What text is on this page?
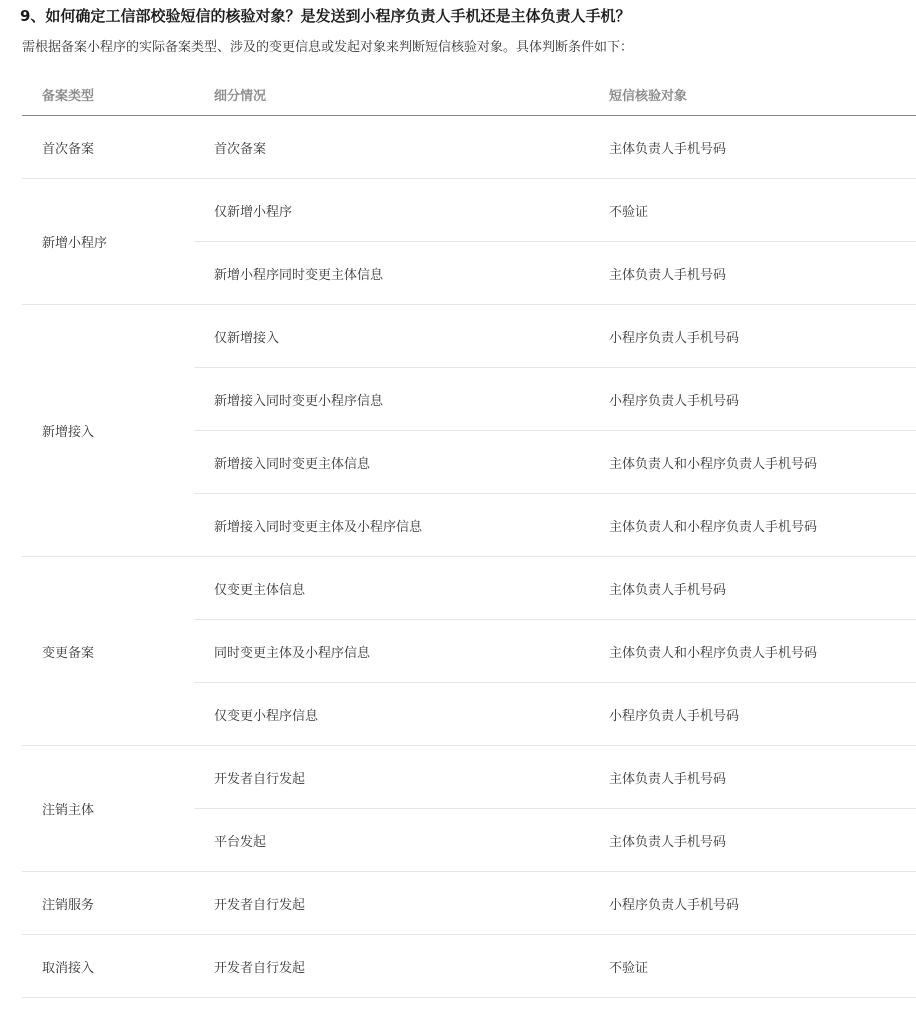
9、如何确定工信部校验短信的核验对象？是发送到小程序负责人手机还是主体负责人手机？
需根据备案小程序的实际备案类型、涉及的变更信息或发起对象来判断短信核验对象。具体判断条件如下：
备案类型	细分情况	短信核验对象
首次备案	首次备案	主体负责人手机号码
新增小程序	仅新增小程序	不验证
	新增小程序同时变更主体信息	主体负责人手机号码
新增接入	仅新增接入	小程序负责人手机号码
	新增接入同时变更小程序信息	小程序负责人手机号码
	新增接入同时变更主体信息	主体负责人和小程序负责人手机号码
	新增接入同时变更主体及小程序信息	主体负责人和小程序负责人手机号码
变更备案	仅变更主体信息	主体负责人手机号码
	同时变更主体及小程序信息	主体负责人和小程序负责人手机号码
	仅变更小程序信息	小程序负责人手机号码
注销主体	开发者自行发起	主体负责人手机号码
	平台发起	主体负责人手机号码
注销服务	开发者自行发起	小程序负责人手机号码
取消接入	开发者自行发起	不验证
